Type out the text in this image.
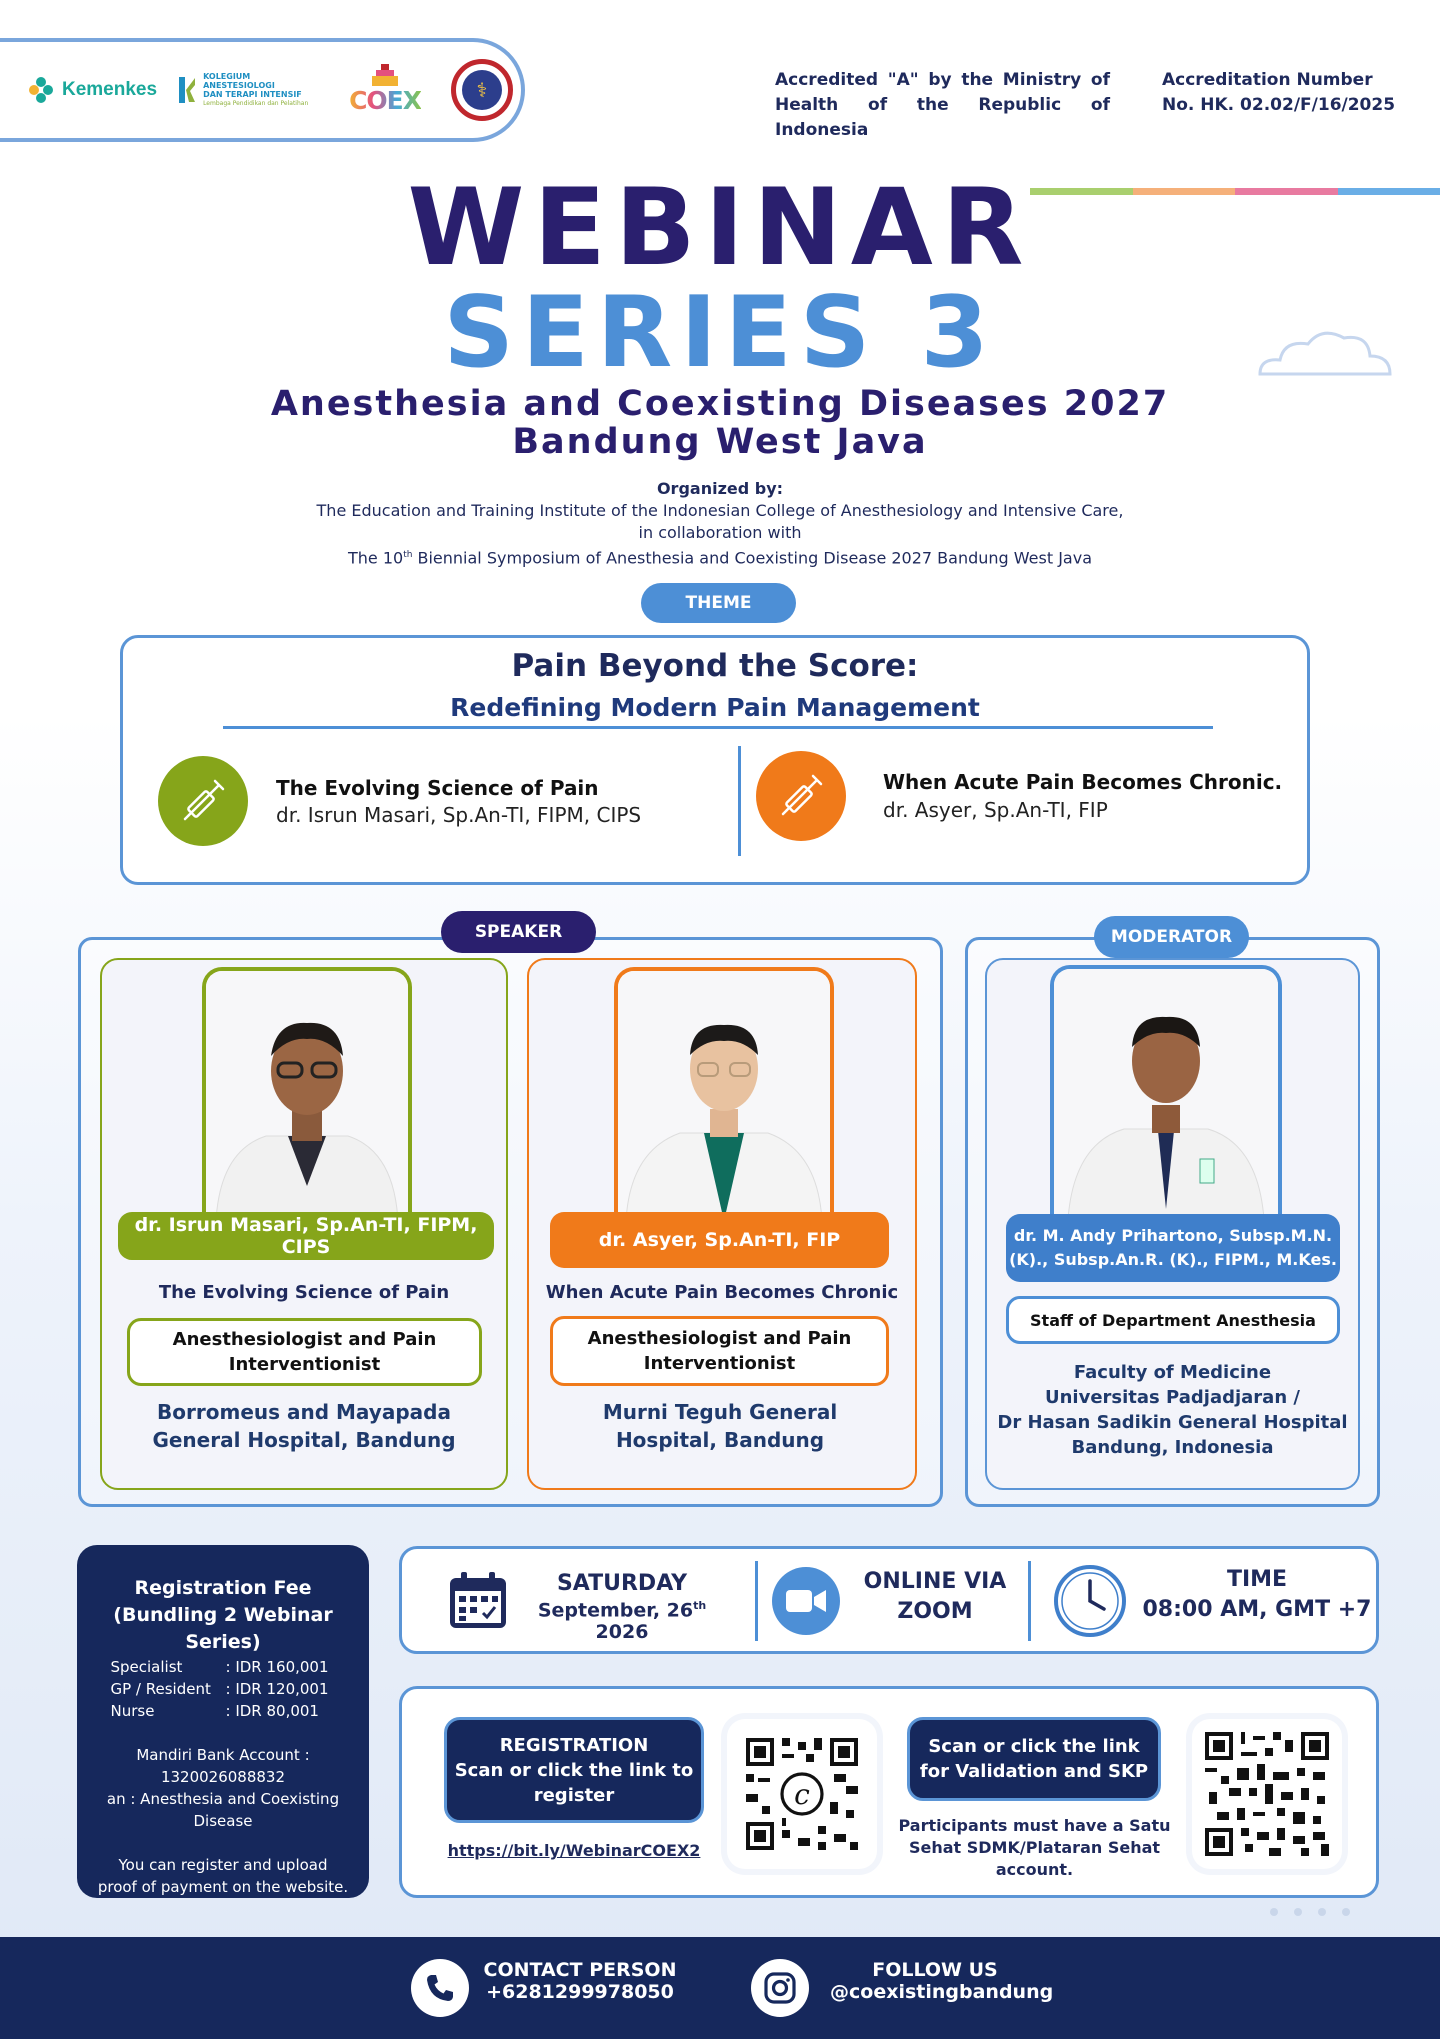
Kemenkes
KOLEGIUM
ANESTESIOLOGI
DAN TERAPI INTENSIF
Lembaga Pendidikan dan Pelatihan	COEX
	⚕	Accredited "A" by the Ministry of Health of the Republic of Indonesia
Accreditation Number
No. HK. 02.02/F/16/2025
WEBINAR
SERIES 3
Anesthesia and Coexisting Diseases 2027
Bandung West Java
Organized by:
The Education and Training Institute of the Indonesian College of Anesthesiology and Intensive Care,
in collaboration with
The 10th Biennial Symposium of Anesthesia and Coexisting Disease 2027 Bandung West Java
THEME
Pain Beyond the Score:
Redefining Modern Pain Management
The Evolving Science of Pain
dr. Isrun Masari, Sp.An-TI, FIPM, CIPS
When Acute Pain Becomes Chronic.
dr. Asyer, Sp.An-TI, FIP
SPEAKER	MODERATOR
dr. Isrun Masari, Sp.An-TI, FIPM, CIPS
The Evolving Science of Pain
Anesthesiologist and Pain Interventionist
Borromeus and Mayapada General Hospital, Bandung
dr. Asyer, Sp.An-TI, FIP
When Acute Pain Becomes Chronic
Anesthesiologist and Pain Interventionist
Murni Teguh General Hospital, Bandung
dr. M. Andy Prihartono, Subsp.M.N.
(K)., Subsp.An.R. (K)., FIPM., M.Kes.
Staff of Department Anesthesia
Faculty of Medicine
Universitas Padjadjaran /
Dr Hasan Sadikin General Hospital
Bandung, Indonesia
Registration Fee
(Bundling 2 Webinar Series)
Specialist	: IDR 160,001
GP / Resident : IDR 120,001
Nurse	: IDR 80,001

Mandiri Bank Account :

1320026088832

an : Anesthesia and Coexisting

Disease

You can register and upload

proof of payment on the website.

SATURDAY
September, 26th 2026
ONLINE VIA
ZOOM
TIME
08:00 AM, GMT +7
REGISTRATION
Scan or click the link to
register
https://bit.ly/WebinarCOEX2
c
Scan or click the link
for Validation and SKP
Participants must have a Satu
Sehat SDMK/Plataran Sehat
account.
CONTACT PERSON
+6281299978050
FOLLOW US
@coexistingbandung
